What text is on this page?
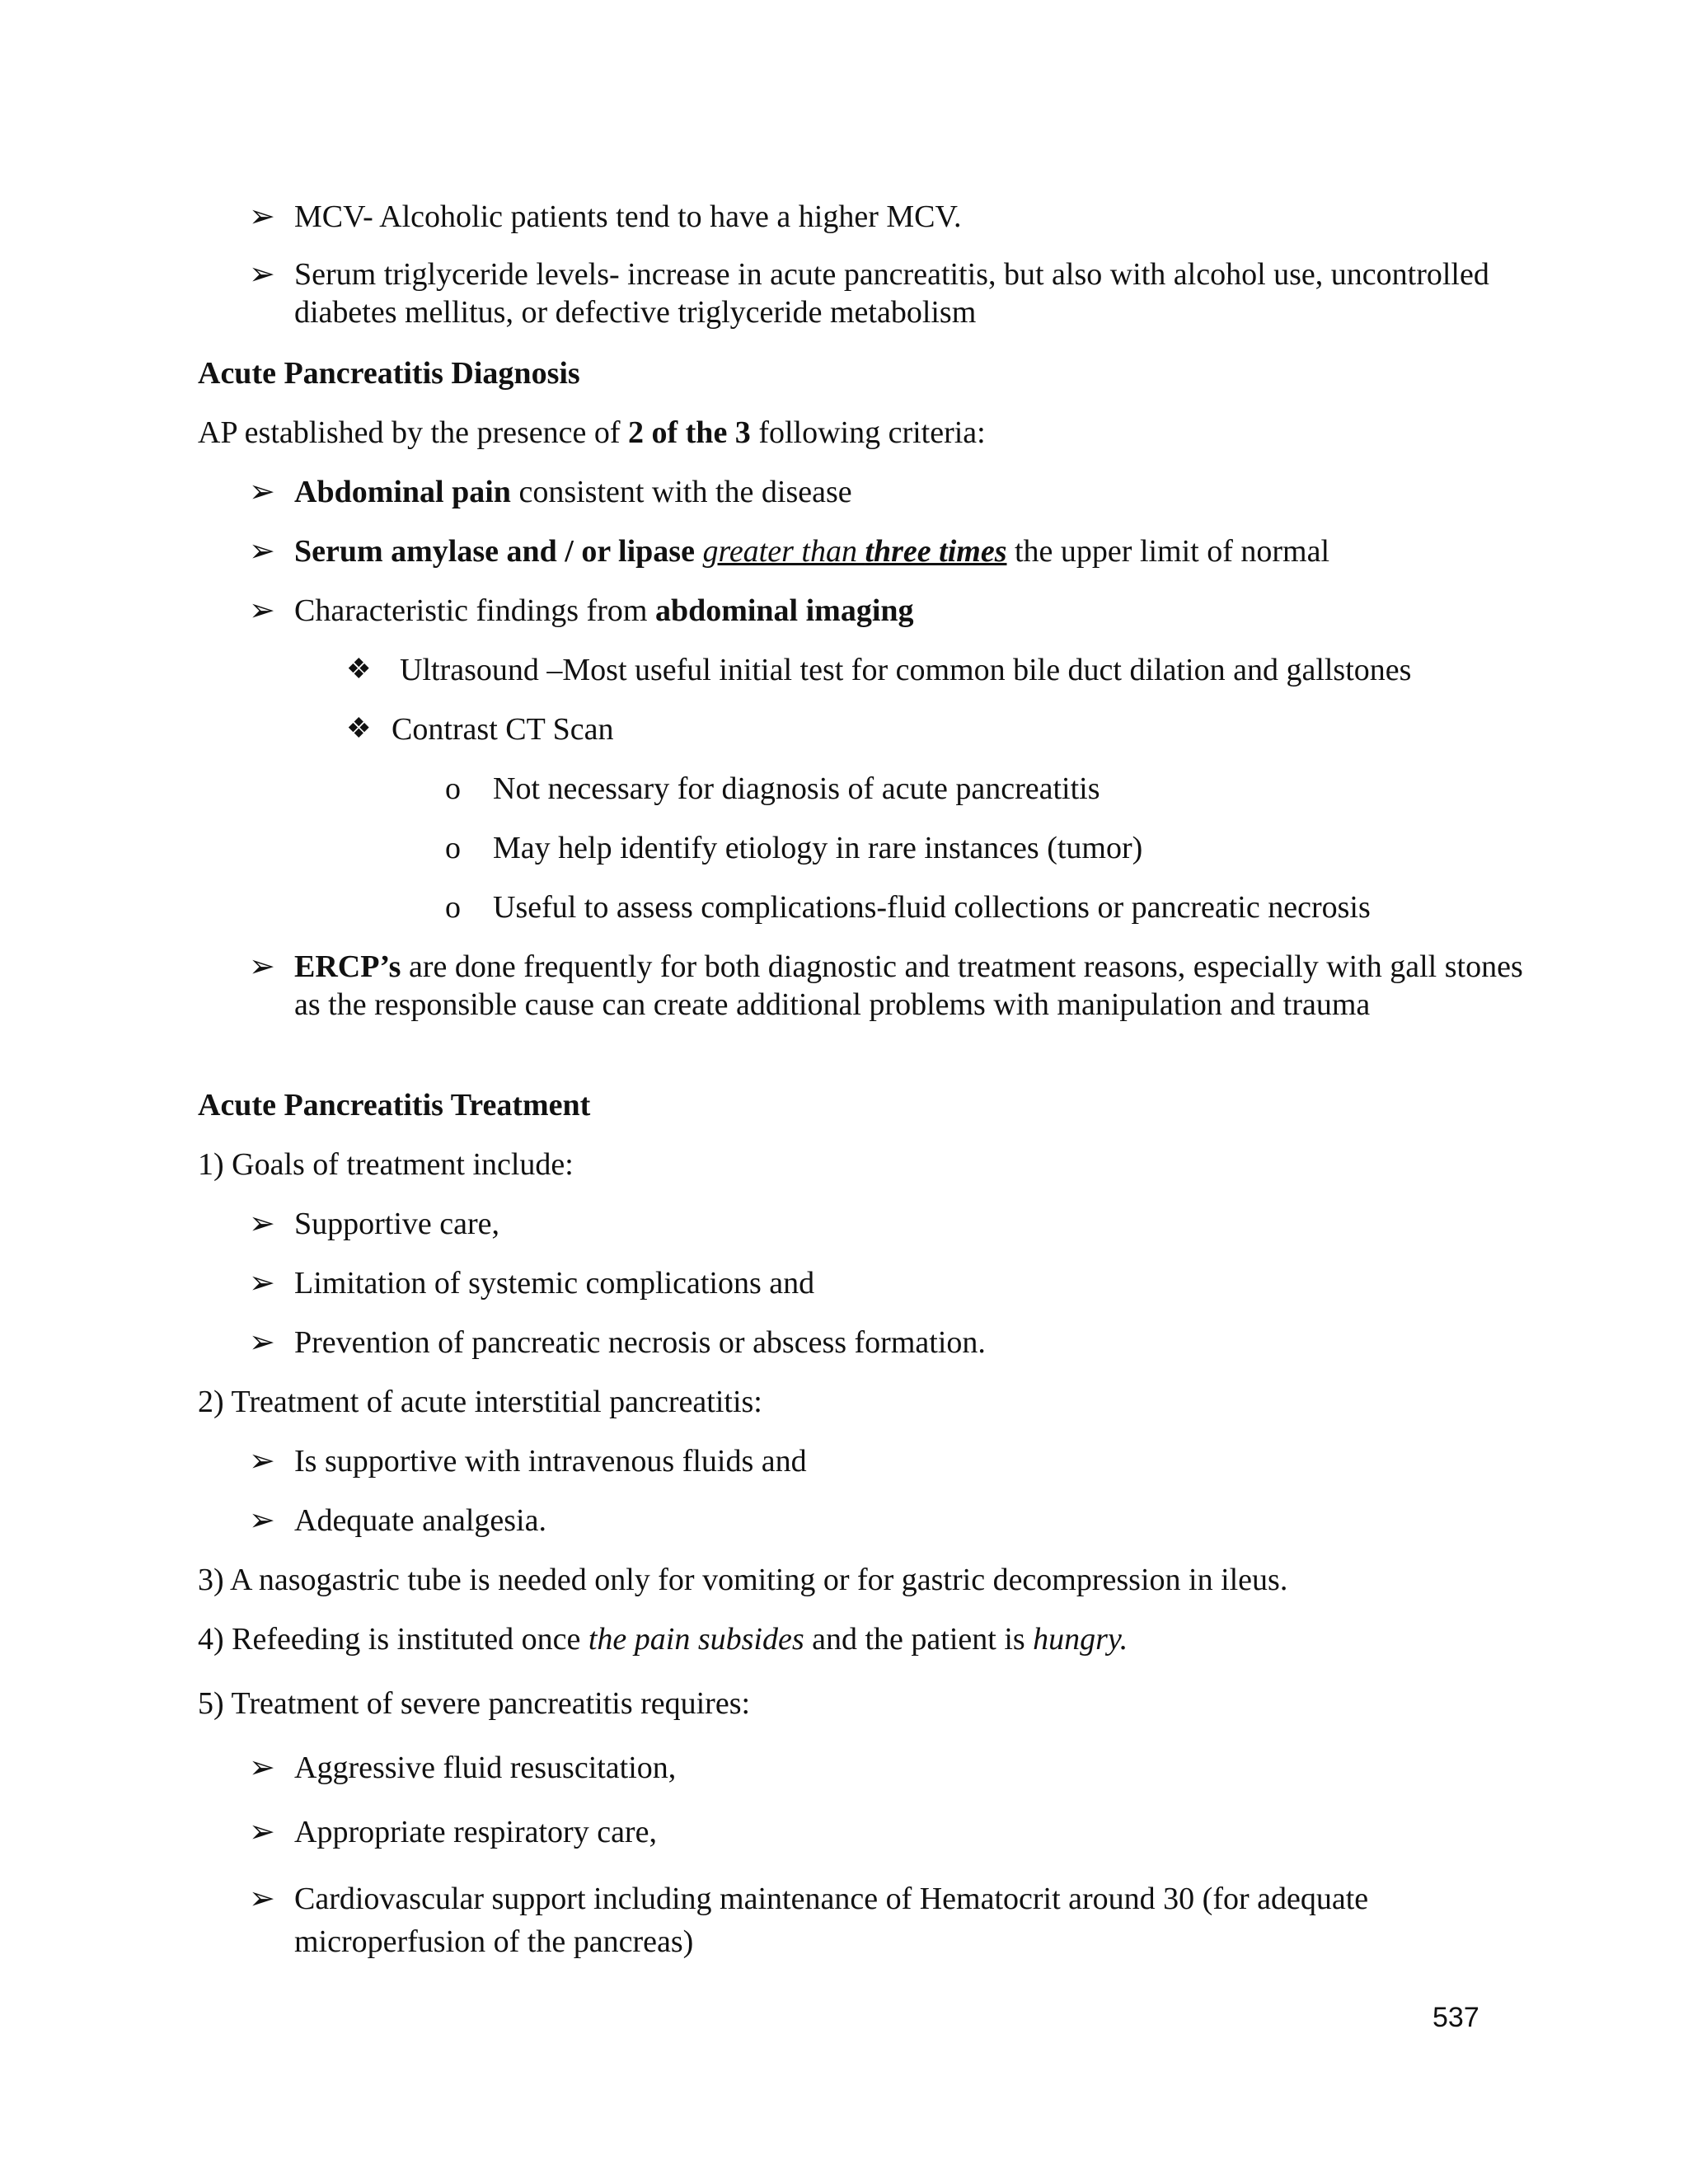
➢ MCV- Alcoholic patients tend to have a higher MCV.
➢ Serum triglyceride levels- increase in acute pancreatitis, but also with alcohol use, uncontrolled diabetes mellitus, or defective triglyceride metabolism
Acute Pancreatitis Diagnosis
AP established by the presence of 2 of the 3 following criteria:
➢ Abdominal pain consistent with the disease
➢ Serum amylase and / or lipase greater than three times the upper limit of normal
➢ Characteristic findings from abdominal imaging
❖ Ultrasound –Most useful initial test for common bile duct dilation and gallstones
❖ Contrast CT Scan
o Not necessary for diagnosis of acute pancreatitis
o May help identify etiology in rare instances (tumor)
o Useful to assess complications-fluid collections or pancreatic necrosis
➢ ERCP’s are done frequently for both diagnostic and treatment reasons, especially with gall stones as the responsible cause can create additional problems with manipulation and trauma
Acute Pancreatitis Treatment
1) Goals of treatment include:
➢ Supportive care,
➢ Limitation of systemic complications and
➢ Prevention of pancreatic necrosis or abscess formation.
2) Treatment of acute interstitial pancreatitis:
➢ Is supportive with intravenous fluids and
➢ Adequate analgesia.
3) A nasogastric tube is needed only for vomiting or for gastric decompression in ileus.
4) Refeeding is instituted once the pain subsides and the patient is hungry.
5) Treatment of severe pancreatitis requires:
➢ Aggressive fluid resuscitation,
➢ Appropriate respiratory care,
➢ Cardiovascular support including maintenance of Hematocrit around 30 (for adequate microperfusion of the pancreas)
537
